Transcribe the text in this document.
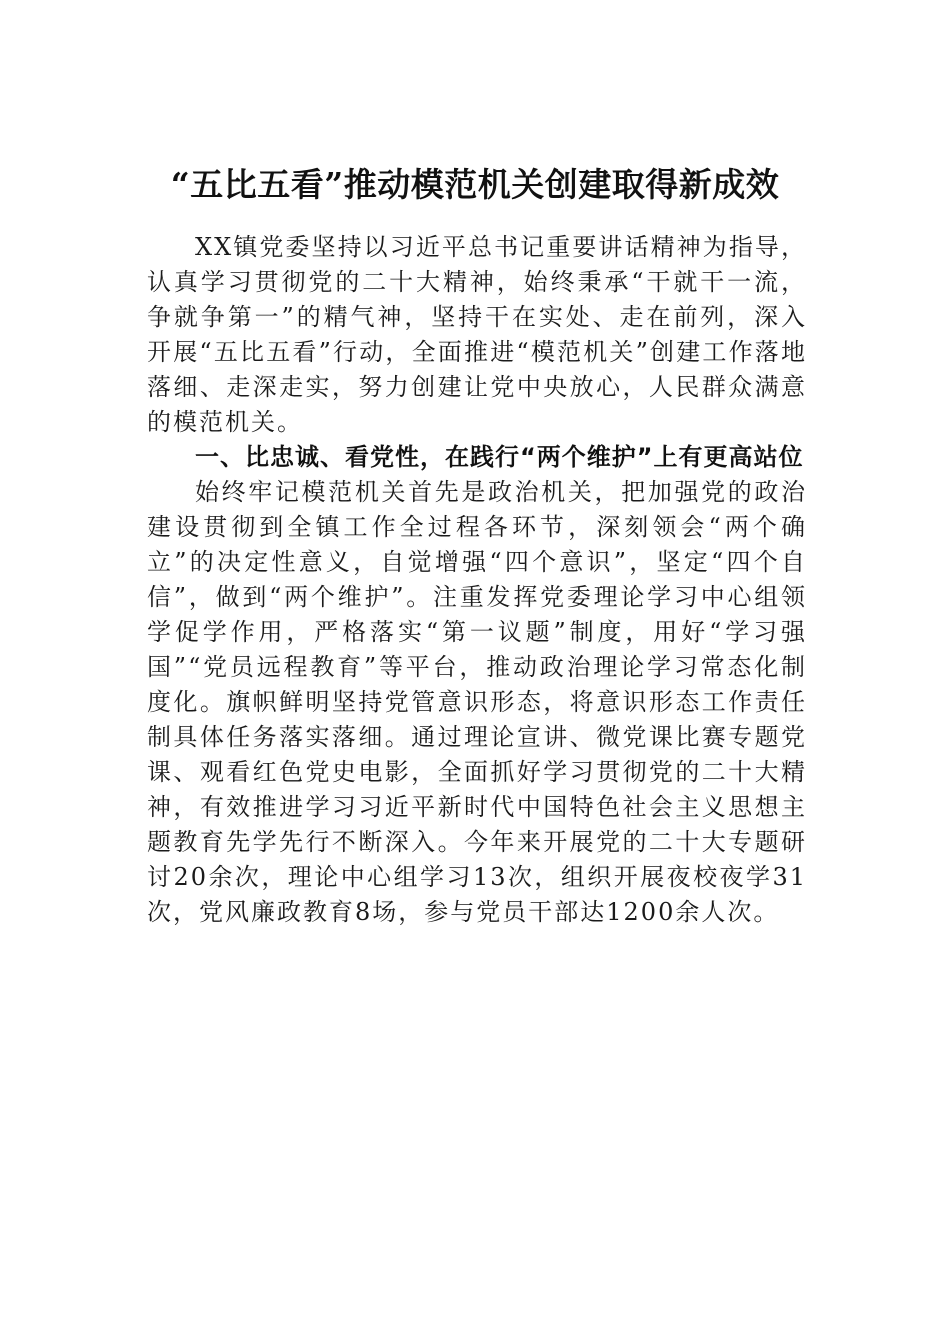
“五比五看”推动模范机关创建取得新成效

XX镇党委坚持以习近平总书记重要讲话精神为指导，认真学习贯彻党的二十大精神，始终秉承“干就干一流，争就争第一”的精气神，坚持干在实处、走在前列，深入开展“五比五看”行动，全面推进“模范机关”创建工作落地落细、走深走实，努力创建让党中央放心，人民群众满意的模范机关。

一、比忠诚、看党性，在践行“两个维护”上有更高站位

始终牢记模范机关首先是政治机关，把加强党的政治建设贯彻到全镇工作全过程各环节，深刻领会“两个确立”的决定性意义，自觉增强“四个意识”，坚定“四个自信”，做到“两个维护”。注重发挥党委理论学习中心组领学促学作用，严格落实“第一议题”制度，用好“学习强国”“党员远程教育”等平台，推动政治理论学习常态化制度化。旗帜鲜明坚持党管意识形态，将意识形态工作责任制具体任务落实落细。通过理论宣讲、微党课比赛专题党课、观看红色党史电影，全面抓好学习贯彻党的二十大精神，有效推进学习习近平新时代中国特色社会主义思想主题教育先学先行不断深入。今年来开展党的二十大专题研讨20余次，理论中心组学习13次，组织开展夜校夜学31次，党风廉政教育8场，参与党员干部达1200余人次。
